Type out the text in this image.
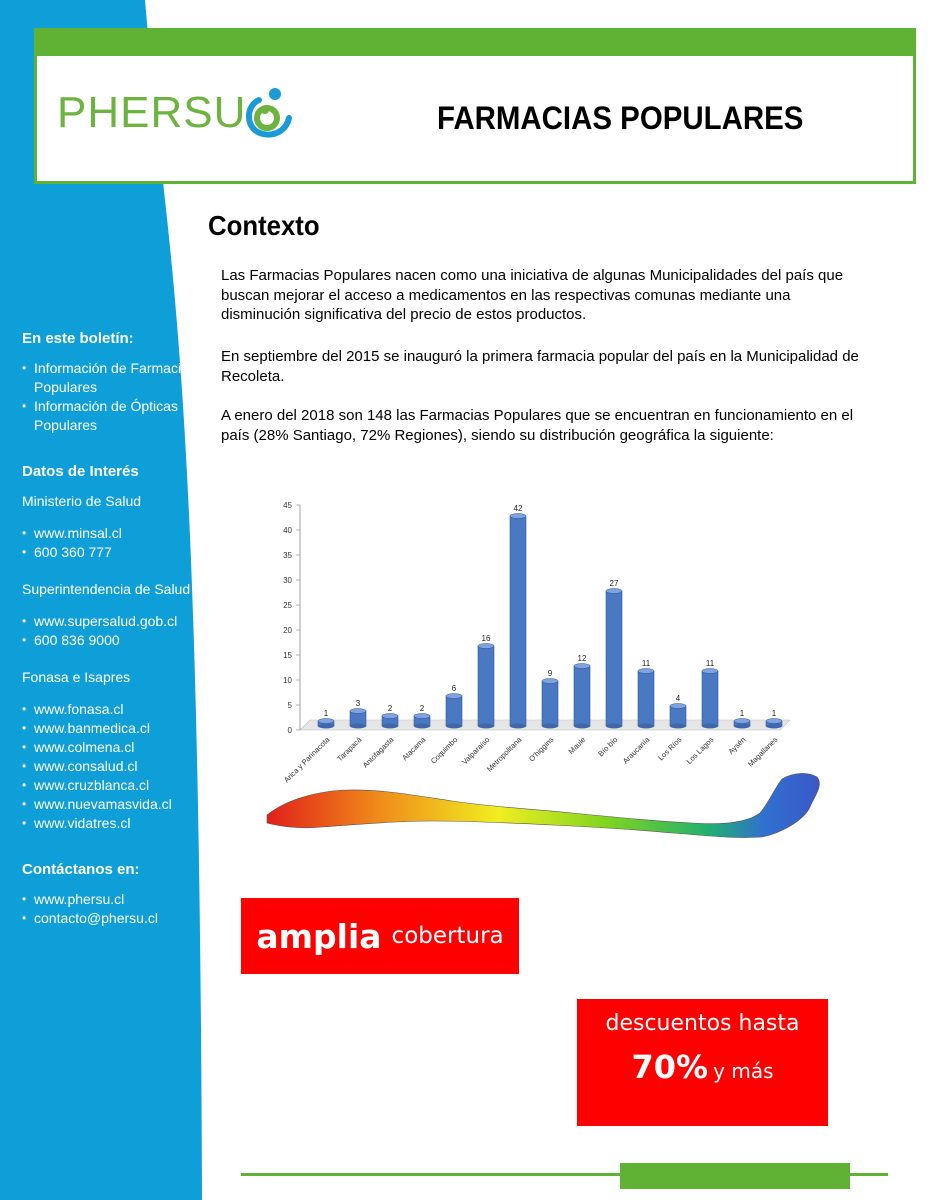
PHERSU	FARMACIAS POPULARES
En este boletín:
• Información de Farmacias Populares
• Información de Ópticas Populares
Datos de Interés
Ministerio de Salud
• www.minsal.cl
• 600 360 777
Superintendencia de Salud
• www.supersalud.gob.cl
• 600 836 9000
Fonasa e Isapres
• www.fonasa.cl
• www.banmedica.cl
• www.colmena.cl
• www.consalud.cl
• www.cruzblanca.cl
• www.nuevamasvida.cl
• www.vidatres.cl
Contáctanos en:
• www.phersu.cl
• contacto@phersu.cl
Contexto
Las Farmacias Populares nacen como una iniciativa de algunas Municipalidades del país que buscan mejorar el acceso a medicamentos en las respectivas comunas mediante una disminución significativa del precio de estos productos.
En septiembre del 2015 se inauguró la primera farmacia popular del país en la Municipalidad de Recoleta.
A enero del 2018 son 148 las Farmacias Populares que se encuentran en funcionamiento en el país (28% Santiago, 72% Regiones), siendo su distribución geográfica la siguiente:
0
5
10
15
20
25
30
35
40
45
1
Arica y Parinacota
3
Tarapacá
2
Antofagasta
2
Atacama
6
Coquimbo
16
Valparaíso
42
Metropolitana
9
O'higgins
12
Maule
27
Bío bío
11
Araucanía
4
Los Ríos
11
Los Lagos
1
Aysén
1
Magallanes
amplia cobertura
descuentos hasta
70% y más
